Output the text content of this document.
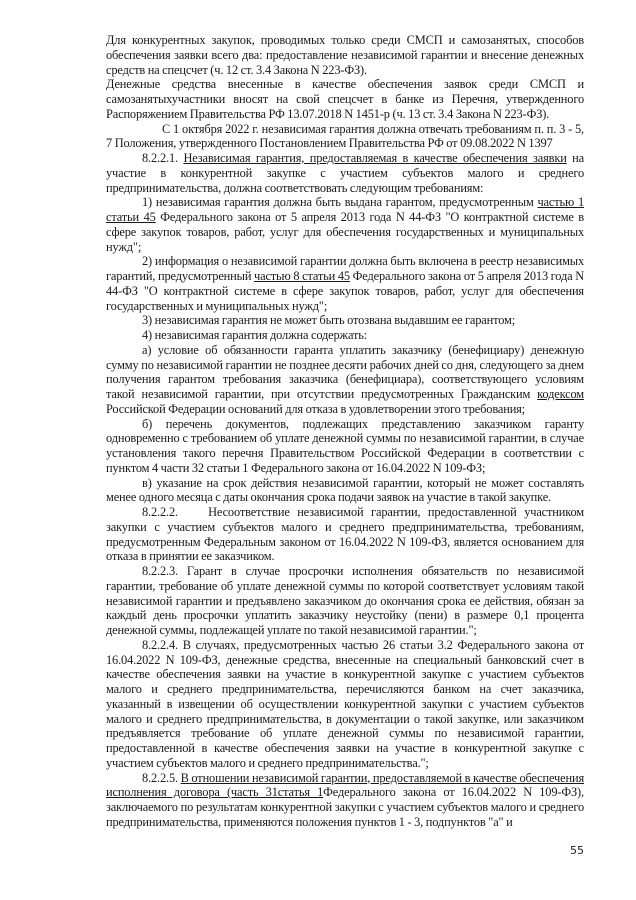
Для конкурентных закупок, проводимых только среди СМСП и самозанятых, способов обеспечения заявки всего два: предоставление независимой гарантии и внесение денежных средств на спецсчет (ч. 12 ст. 3.4 Закона N 223-ФЗ).

Денежные средства внесенные в качестве обеспечения заявок среди СМСП и самозанятыхучастники вносят на свой спецсчет в банке из Перечня, утвержденного Распоряжением Правительства РФ 13.07.2018 N 1451-р (ч. 13 ст. 3.4 Закона N 223-ФЗ).

С 1 октября 2022 г. независимая гарантия должна отвечать требованиям п. п. 3 - 5, 7 Положения, утвержденного Постановлением Правительства РФ от 09.08.2022 N 1397

8.2.2.1. Независимая гарантия, предоставляемая в качестве обеспечения заявки на участие в конкурентной закупке с участием субъектов малого и среднего предпринимательства, должна соответствовать следующим требованиям:

1) независимая гарантия должна быть выдана гарантом, предусмотренным частью 1 статьи 45 Федерального закона от 5 апреля 2013 года N 44-ФЗ "О контрактной системе в сфере закупок товаров, работ, услуг для обеспечения государственных и муниципальных нужд";

2) информация о независимой гарантии должна быть включена в реестр независимых гарантий, предусмотренный частью 8 статьи 45 Федерального закона от 5 апреля 2013 года N 44-ФЗ "О контрактной системе в сфере закупок товаров, работ, услуг для обеспечения государственных и муниципальных нужд";

3) независимая гарантия не может быть отозвана выдавшим ее гарантом;

4) независимая гарантия должна содержать:

а) условие об обязанности гаранта уплатить заказчику (бенефициару) денежную сумму по независимой гарантии не позднее десяти рабочих дней со дня, следующего за днем получения гарантом требования заказчика (бенефициара), соответствующего условиям такой независимой гарантии, при отсутствии предусмотренных Гражданским кодексом Российской Федерации оснований для отказа в удовлетворении этого требования;

б) перечень документов, подлежащих представлению заказчиком гаранту одновременно с требованием об уплате денежной суммы по независимой гарантии, в случае установления такого перечня Правительством Российской Федерации в соответствии с пунктом 4 части 32 статьи 1 Федерального закона от 16.04.2022 N 109-ФЗ;

в) указание на срок действия независимой гарантии, который не может составлять менее одного месяца с даты окончания срока подачи заявок на участие в такой закупке.

8.2.2.2.    Несоответствие независимой гарантии, предоставленной участником закупки с участием субъектов малого и среднего предпринимательства, требованиям, предусмотренным Федеральным законом от 16.04.2022 N 109-ФЗ, является основанием для отказа в принятии ее заказчиком.

8.2.2.3. Гарант в случае просрочки исполнения обязательств по независимой гарантии, требование об уплате денежной суммы по которой соответствует условиям такой независимой гарантии и предъявлено заказчиком до окончания срока ее действия, обязан за каждый день просрочки уплатить заказчику неустойку (пени) в размере 0,1 процента денежной суммы, подлежащей уплате по такой независимой гарантии.";

8.2.2.4. В случаях, предусмотренных частью 26 статьи 3.2 Федерального закона от 16.04.2022 N 109-ФЗ, денежные средства, внесенные на специальный банковский счет в качестве обеспечения заявки на участие в конкурентной закупке с участием субъектов малого и среднего предпринимательства, перечисляются банком на счет заказчика, указанный в извещении об осуществлении конкурентной закупки с участием субъектов малого и среднего предпринимательства, в документации о такой закупке, или заказчиком предъявляется требование об уплате денежной суммы по независимой гарантии, предоставленной в качестве обеспечения заявки на участие в конкурентной закупке с участием субъектов малого и среднего предпринимательства.";

8.2.2.5. В отношении независимой гарантии, предоставляемой в качестве обеспечения исполнения договора (часть 31статья 1Федерального закона от 16.04.2022 N 109-ФЗ), заключаемого по результатам конкурентной закупки с участием субъектов малого и среднего предпринимательства, применяются положения пунктов 1 - 3, подпунктов "а" и

55
